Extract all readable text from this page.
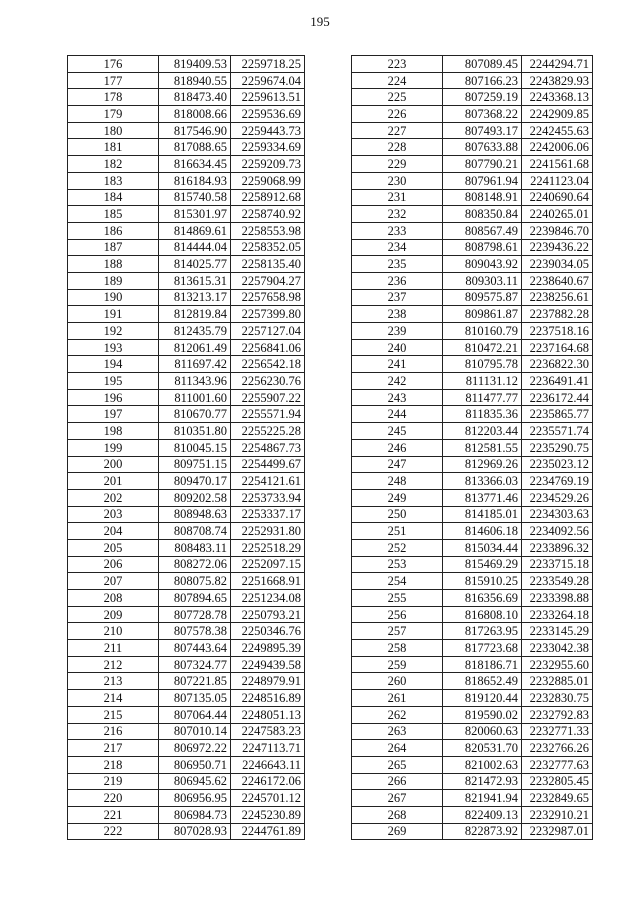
195
176	819409.53	2259718.25
177	818940.55	2259674.04
178	818473.40	2259613.51
179	818008.66	2259536.69
180	817546.90	2259443.73
181	817088.65	2259334.69
182	816634.45	2259209.73
183	816184.93	2259068.99
184	815740.58	2258912.68
185	815301.97	2258740.92
186	814869.61	2258553.98
187	814444.04	2258352.05
188	814025.77	2258135.40
189	813615.31	2257904.27
190	813213.17	2257658.98
191	812819.84	2257399.80
192	812435.79	2257127.04
193	812061.49	2256841.06
194	811697.42	2256542.18
195	811343.96	2256230.76
196	811001.60	2255907.22
197	810670.77	2255571.94
198	810351.80	2255225.28
199	810045.15	2254867.73
200	809751.15	2254499.67
201	809470.17	2254121.61
202	809202.58	2253733.94
203	808948.63	2253337.17
204	808708.74	2252931.80
205	808483.11	2252518.29
206	808272.06	2252097.15
207	808075.82	2251668.91
208	807894.65	2251234.08
209	807728.78	2250793.21
210	807578.38	2250346.76
211	807443.64	2249895.39
212	807324.77	2249439.58
213	807221.85	2248979.91
214	807135.05	2248516.89
215	807064.44	2248051.13
216	807010.14	2247583.23
217	806972.22	2247113.71
218	806950.71	2246643.11
219	806945.62	2246172.06
220	806956.95	2245701.12
221	806984.73	2245230.89
222	807028.93	2244761.89
223	807089.45	2244294.71
224	807166.23	2243829.93
225	807259.19	2243368.13
226	807368.22	2242909.85
227	807493.17	2242455.63
228	807633.88	2242006.06
229	807790.21	2241561.68
230	807961.94	2241123.04
231	808148.91	2240690.64
232	808350.84	2240265.01
233	808567.49	2239846.70
234	808798.61	2239436.22
235	809043.92	2239034.05
236	809303.11	2238640.67
237	809575.87	2238256.61
238	809861.87	2237882.28
239	810160.79	2237518.16
240	810472.21	2237164.68
241	810795.78	2236822.30
242	811131.12	2236491.41
243	811477.77	2236172.44
244	811835.36	2235865.77
245	812203.44	2235571.74
246	812581.55	2235290.75
247	812969.26	2235023.12
248	813366.03	2234769.19
249	813771.46	2234529.26
250	814185.01	2234303.63
251	814606.18	2234092.56
252	815034.44	2233896.32
253	815469.29	2233715.18
254	815910.25	2233549.28
255	816356.69	2233398.88
256	816808.10	2233264.18
257	817263.95	2233145.29
258	817723.68	2233042.38
259	818186.71	2232955.60
260	818652.49	2232885.01
261	819120.44	2232830.75
262	819590.02	2232792.83
263	820060.63	2232771.33
264	820531.70	2232766.26
265	821002.63	2232777.63
266	821472.93	2232805.45
267	821941.94	2232849.65
268	822409.13	2232910.21
269	822873.92	2232987.01
